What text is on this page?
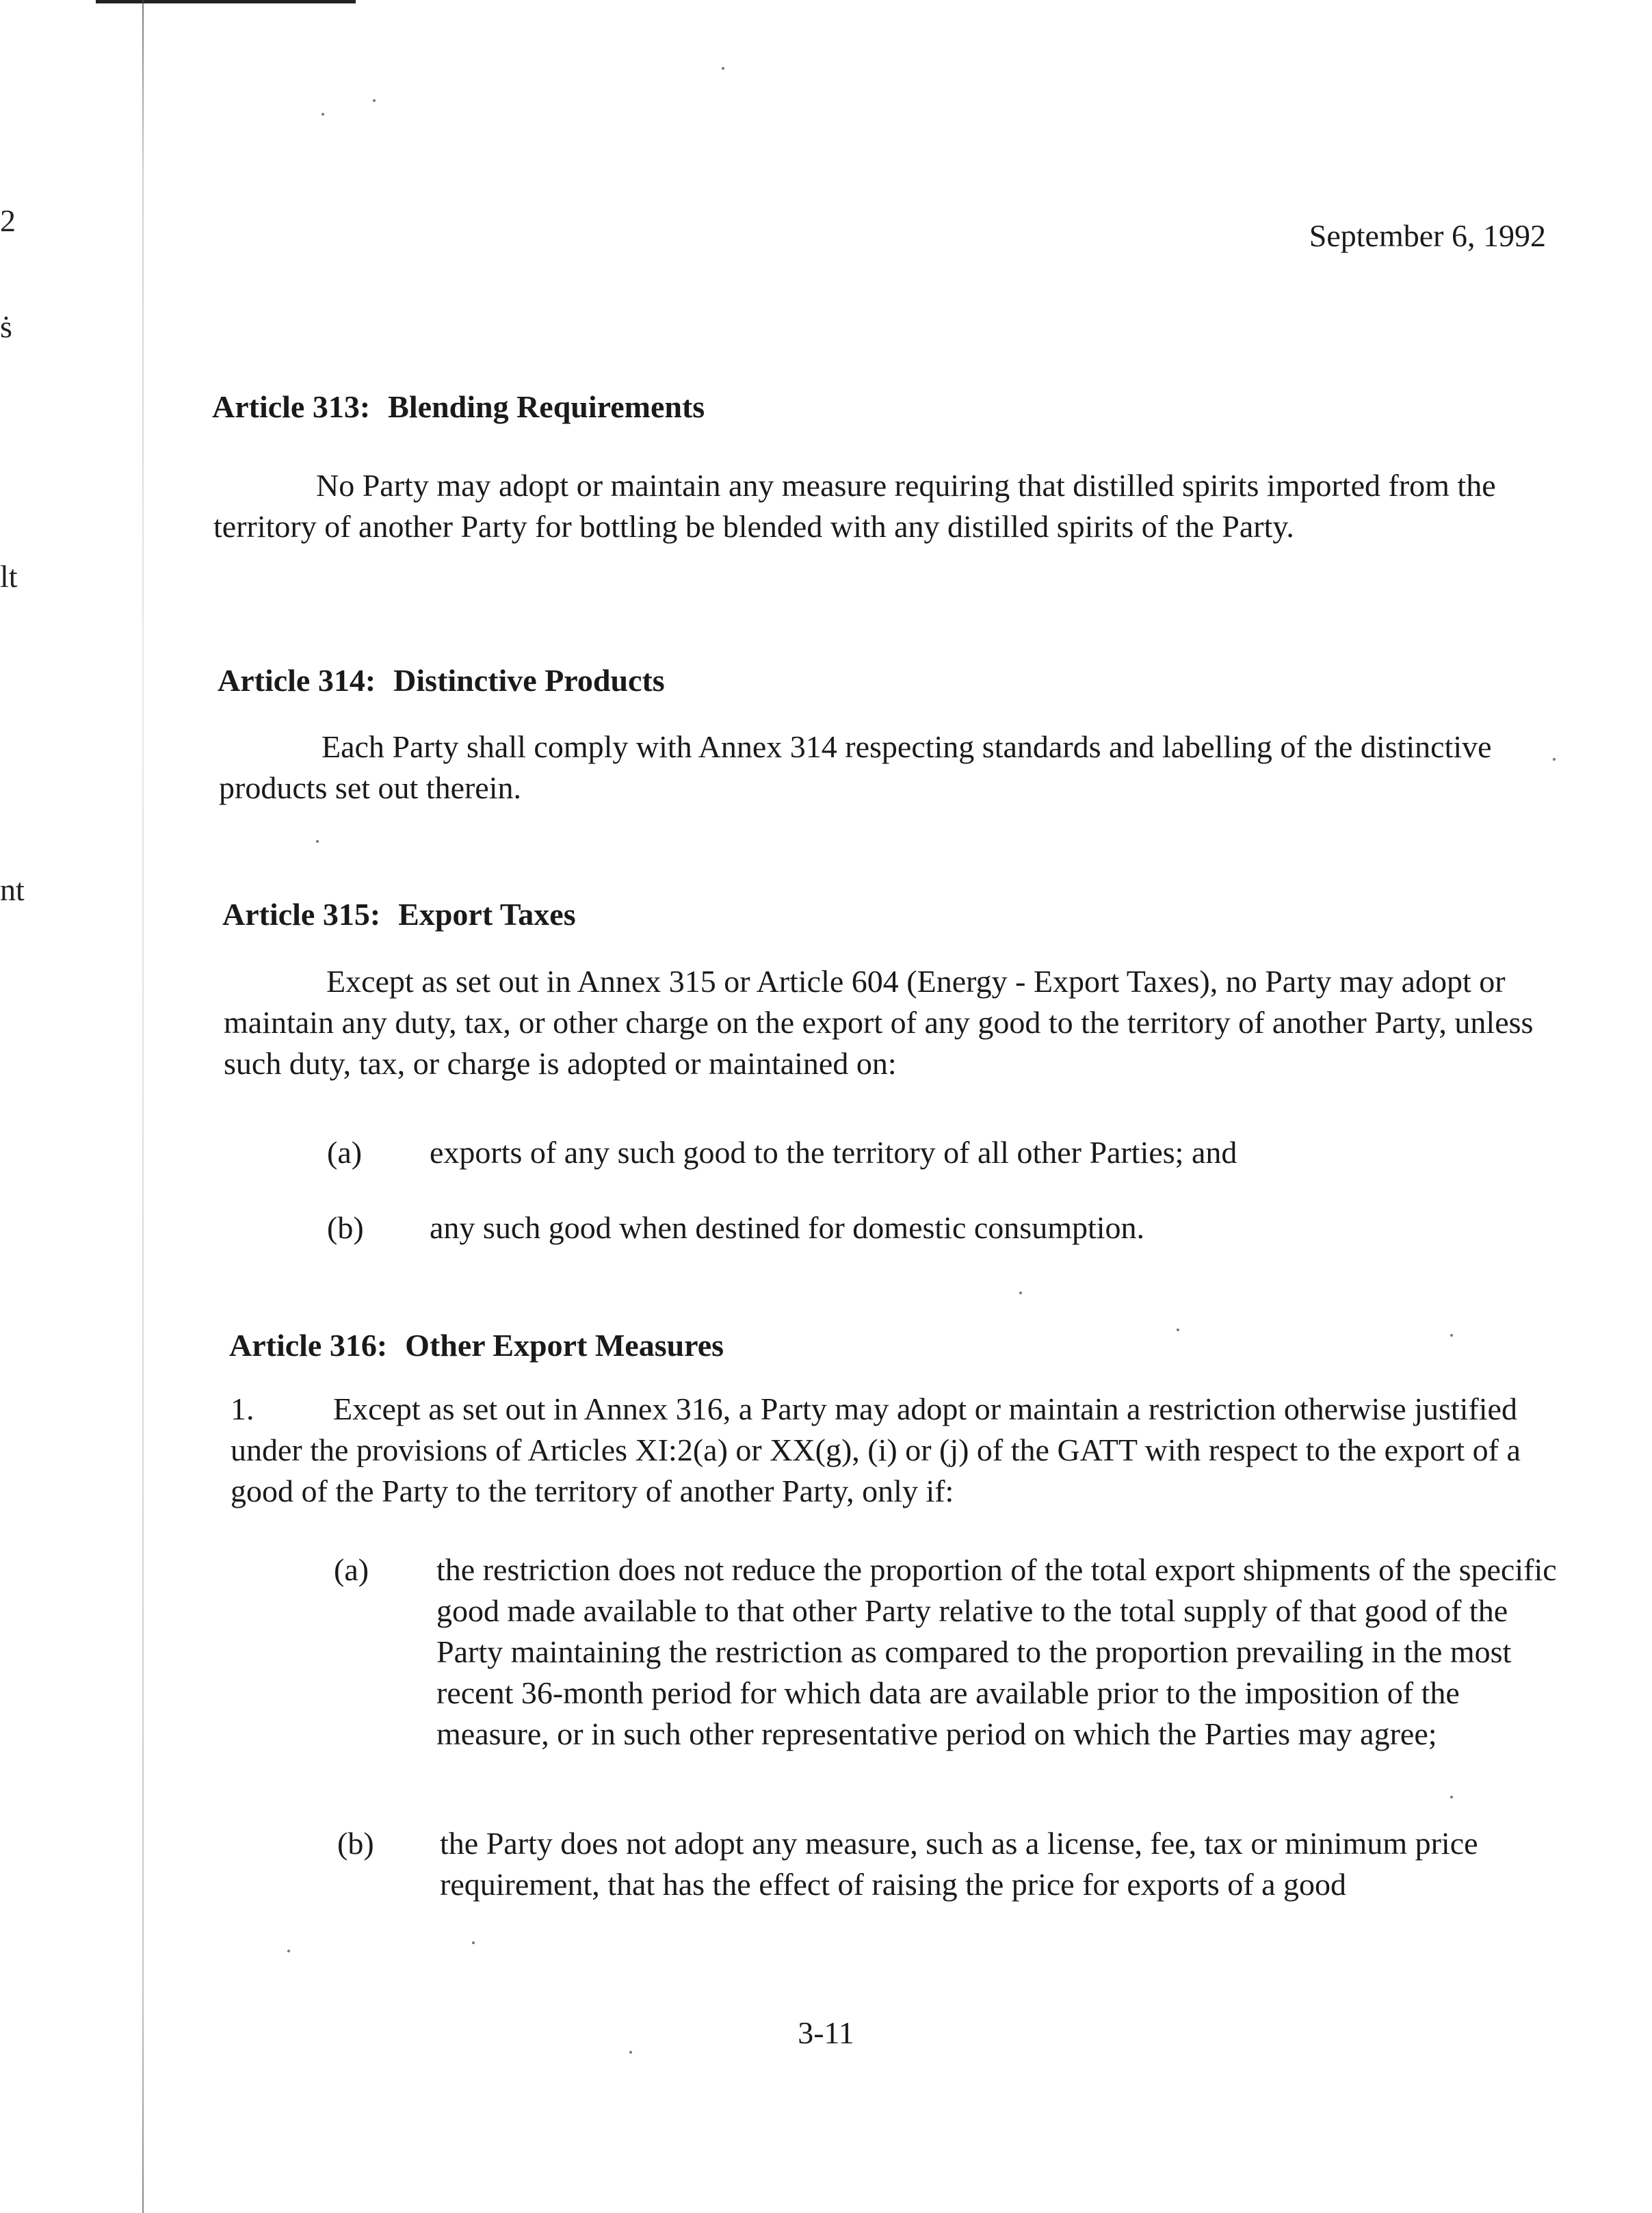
2
ṡ
lt
nt
September 6, 1992
Article 313: Blending Requirements
No Party may adopt or maintain any measure requiring that distilled spirits imported from the territory of another Party for bottling be blended with any distilled spirits of the Party.
Article 314: Distinctive Products
Each Party shall comply with Annex 314 respecting standards and labelling of the distinctive products set out therein.
Article 315: Export Taxes
Except as set out in Annex 315 or Article 604 (Energy - Export Taxes), no Party may adopt or maintain any duty, tax, or other charge on the export of any good to the territory of another Party, unless such duty, tax, or charge is adopted or maintained on:
(a)	exports of any such good to the territory of all other Parties; and
(b)	any such good when destined for domestic consumption.
Article 316: Other Export Measures
1.	Except as set out in Annex 316, a Party may adopt or maintain a restriction otherwise justified under the provisions of Articles XI:2(a) or XX(g), (i) or (j) of the GATT with respect to the export of a good of the Party to the territory of another Party, only if:
(a)	the restriction does not reduce the proportion of the total export shipments of the specific good made available to that other Party relative to the total supply of that good of the Party maintaining the restriction as compared to the proportion prevailing in the most recent 36-month period for which data are available prior to the imposition of the measure, or in such other representative period on which the Parties may agree;
(b)	the Party does not adopt any measure, such as a license, fee, tax or minimum price requirement, that has the effect of raising the price for exports of a good
3-11
